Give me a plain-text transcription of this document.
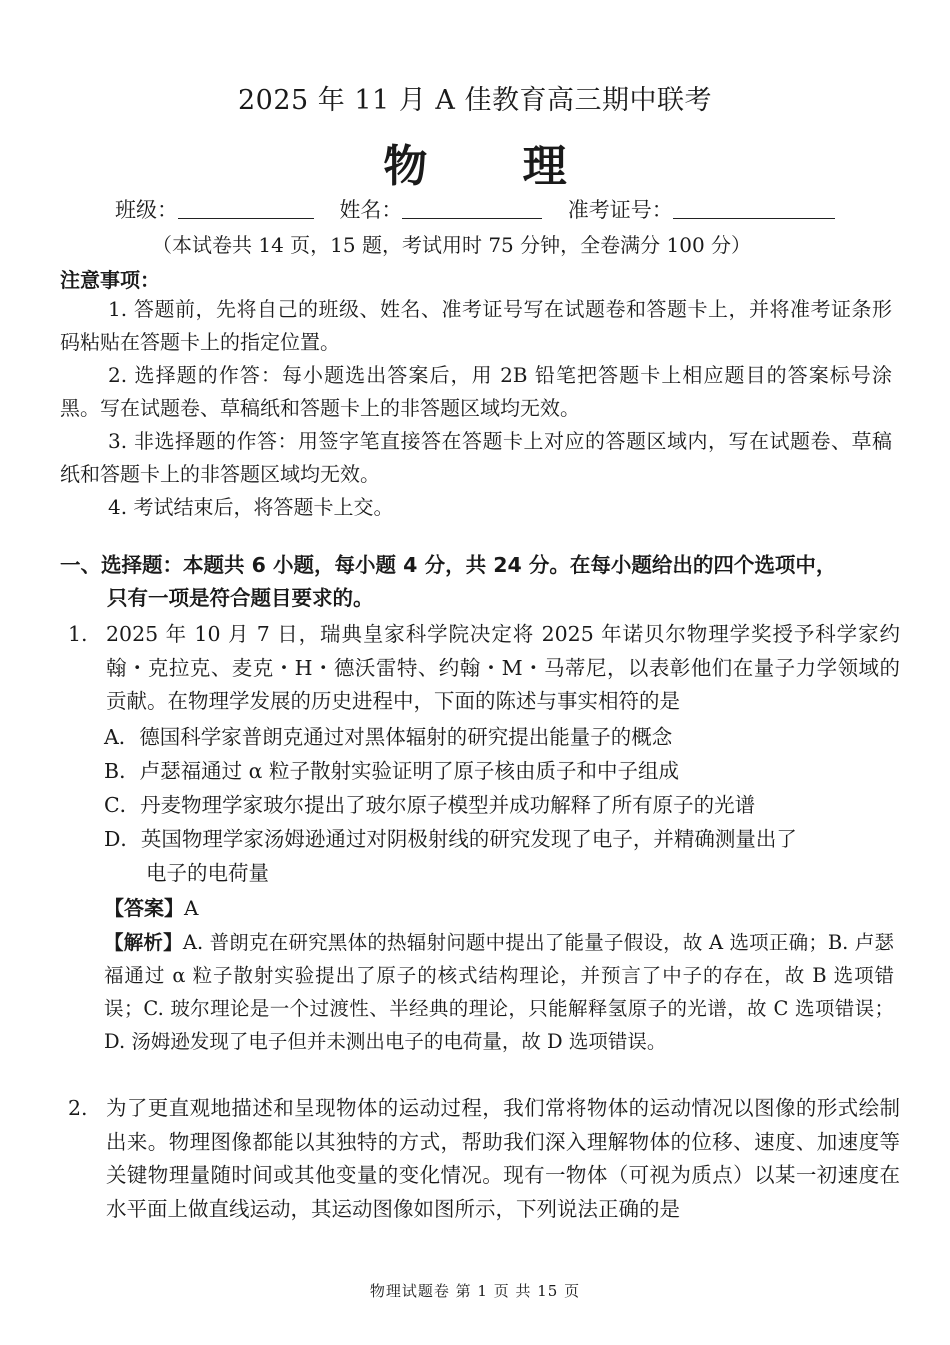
2025 年 11 月 A 佳教育高三期中联考
物 理
班级：	姓名：	准考证号：
（本试卷共 14 页，15 题，考试用时 75 分钟，全卷满分 100 分）
注意事项：
1. 答题前，先将自己的班级、姓名、准考证号写在试题卷和答题卡上，并将准考证条形码粘贴在答题卡上的指定位置。
2. 选择题的作答：每小题选出答案后，用 2B 铅笔把答题卡上相应题目的答案标号涂黑。写在试题卷、草稿纸和答题卡上的非答题区域均无效。
3. 非选择题的作答：用签字笔直接答在答题卡上对应的答题区域内，写在试题卷、草稿纸和答题卡上的非答题区域均无效。
4. 考试结束后，将答题卡上交。
一、选择题：本题共 6 小题，每小题 4 分，共 24 分。在每小题给出的四个选项中，
只有一项是符合题目要求的。
1. 2025 年 10 月 7 日，瑞典皇家科学院决定将 2025 年诺贝尔物理学奖授予科学家约翰・克拉克、麦克・H・德沃雷特、约翰・M・马蒂尼，以表彰他们在量子力学领域的贡献。在物理学发展的历史进程中，下面的陈述与事实相符的是
A．德国科学家普朗克通过对黑体辐射的研究提出能量子的概念
B．卢瑟福通过 α 粒子散射实验证明了原子核由质子和中子组成
C．丹麦物理学家玻尔提出了玻尔原子模型并成功解释了所有原子的光谱
D．英国物理学家汤姆逊通过对阴极射线的研究发现了电子，并精确测量出了
电子的电荷量
【答案】A
【解析】A. 普朗克在研究黑体的热辐射问题中提出了能量子假设，故 A 选项正确；B. 卢瑟福通过 α 粒子散射实验提出了原子的核式结构理论，并预言了中子的存在，故 B 选项错误；C. 玻尔理论是一个过渡性、半经典的理论，只能解释氢原子的光谱，故 C 选项错误；D. 汤姆逊发现了电子但并未测出电子的电荷量，故 D 选项错误。
2. 为了更直观地描述和呈现物体的运动过程，我们常将物体的运动情况以图像的形式绘制出来。物理图像都能以其独特的方式，帮助我们深入理解物体的位移、速度、加速度等关键物理量随时间或其他变量的变化情况。现有一物体（可视为质点）以某一初速度在水平面上做直线运动，其运动图像如图所示，下列说法正确的是
物理试题卷 第 1 页 共 15 页
